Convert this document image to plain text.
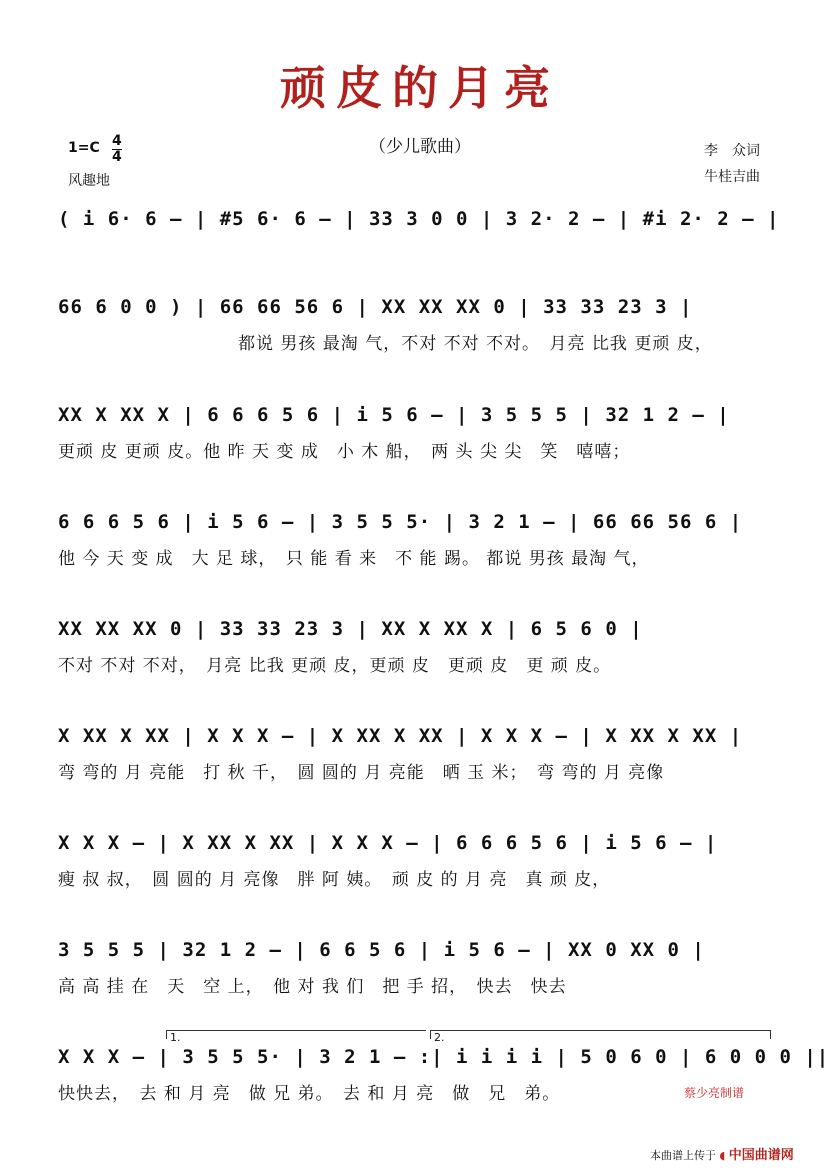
顽皮的月亮
（少儿歌曲）
1=C 4
4
风趣地
李　众词
牛桂吉曲
( i 6· 6 — | #5 6· 6 — | 33 3 0 0 | 3 2· 2 — | #i 2· 2 — |
66 6 0 0 ) | 66 66 56 6 | XX XX XX 0 | 33 33 23 3 |
　　　　　　　　　　都说 男孩 最淘 气，不对 不对 不对。　月亮 比我 更顽 皮，
XX X XX X | 6 6 6 5 6 | i 5 6 — | 3 5 5 5 | 32 1 2 — |
更顽 皮 更顽 皮。他 昨 天 变 成　小 木 船，　两 头 尖 尖　笑　嘻嘻；
6 6 6 5 6 | i 5 6 — | 3 5 5 5· | 3 2 1 — | 66 66 56 6 |
他 今 天 变 成　大 足 球，　只 能 看 来　不 能 踢。 都说 男孩 最淘 气，
XX XX XX 0 | 33 33 23 3 | XX X XX X | 6 5 6 0 |
不对 不对 不对，　月亮 比我 更顽 皮，更顽 皮　更顽 皮　更 顽 皮。
X XX X XX | X X X — | X XX X XX | X X X — | X XX X XX |
弯 弯的 月 亮能　打 秋 千，　圆 圆的 月 亮能　晒 玉 米；　弯 弯的 月 亮像
X X X — | X XX X XX | X X X — | 6 6 6 5 6 | i 5 6 — |
瘦 叔 叔，　圆 圆的 月 亮像　胖 阿 姨。　顽 皮 的 月 亮　真 顽 皮，
3 5 5 5 | 32 1 2 — | 6 6 5 6 | i 5 6 — | XX 0 XX 0 |
高 高 挂 在　天　空 上，　他 对 我 们　把 手 招，　快去　快去
1.	2.
X X X — | 3 5 5 5· | 3 2 1 — :| i i i i | 5 0 6 0 | 6 0 0 0 ||
快快去，　去 和 月 亮　做 兄 弟。　去 和 月 亮　做　兄　弟。	蔡少亮制谱
本曲谱上传于 ◖ 中国曲谱网
